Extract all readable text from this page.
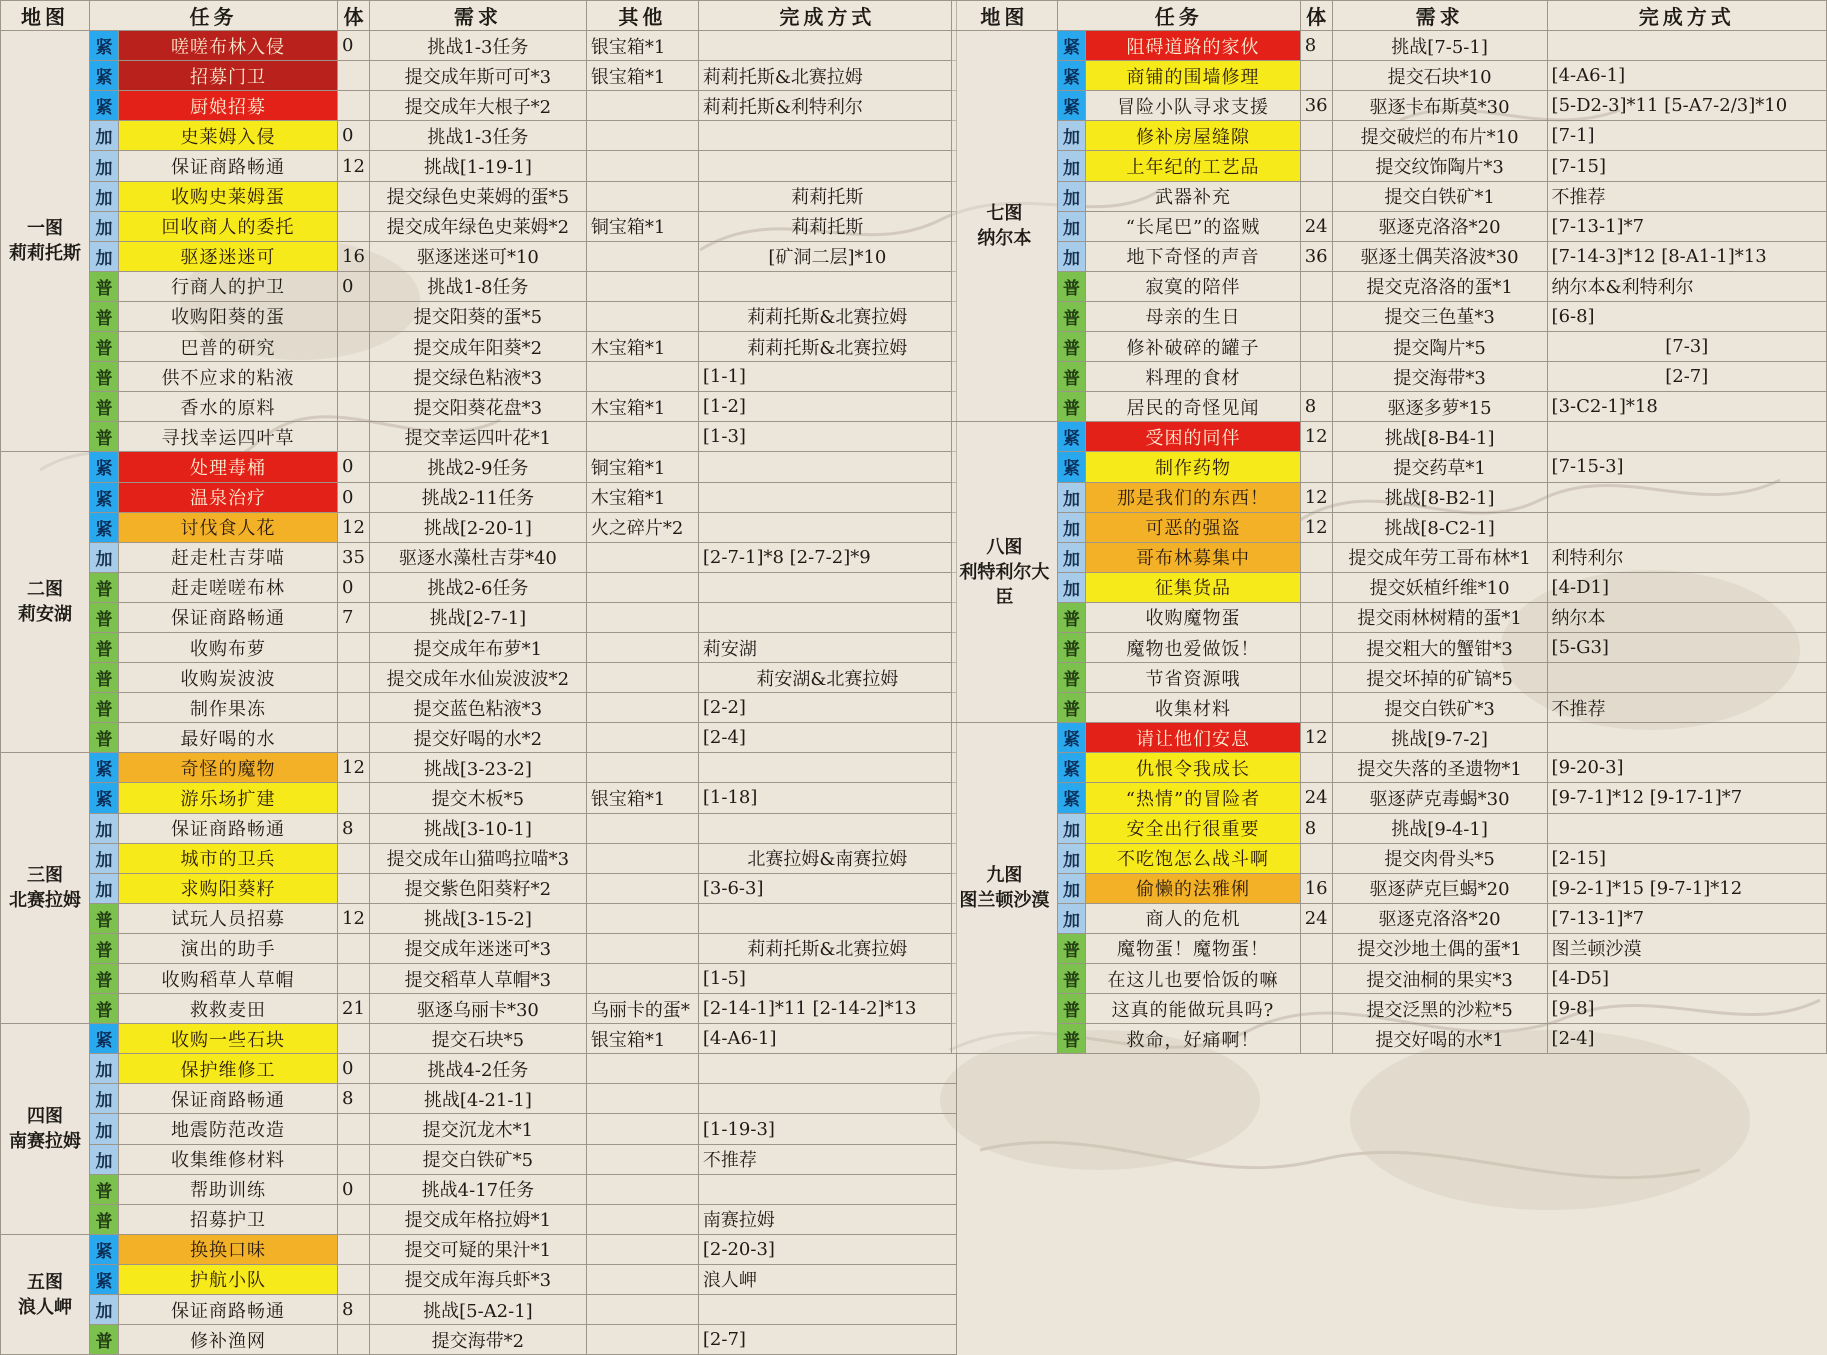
地图	任务		体	需求	其他	完成方式

一图
莉莉托斯	紧	嗟嗟布林入侵	0	挑战1-3任务	银宝箱*1	
	紧	招募门卫		提交成年斯可可*3	银宝箱*1	莉莉托斯&北赛拉姆
	紧	厨娘招募		提交成年大根子*2		莉莉托斯&利特利尔
	加	史莱姆入侵	0	挑战1-3任务		
	加	保证商路畅通	12	挑战[1-19-1]		
	加	收购史莱姆蛋		提交绿色史莱姆的蛋*5		莉莉托斯
	加	回收商人的委托		提交成年绿色史莱姆*2	铜宝箱*1	莉莉托斯
	加	驱逐迷迷可	16	驱逐迷迷可*10		[矿洞二层]*10
	普	行商人的护卫	0	挑战1-8任务		
	普	收购阳葵的蛋		提交阳葵的蛋*5		莉莉托斯&北赛拉姆
	普	巴普的研究		提交成年阳葵*2	木宝箱*1	莉莉托斯&北赛拉姆
	普	供不应求的粘液		提交绿色粘液*3		[1-1]
	普	香水的原料		提交阳葵花盘*3	木宝箱*1	[1-2]
	普	寻找幸运四叶草		提交幸运四叶花*1		[1-3]

二图
莉安湖	紧	处理毒桶	0	挑战2-9任务	铜宝箱*1	
	紧	温泉治疗	0	挑战2-11任务	木宝箱*1	
	紧	讨伐食人花	12	挑战[2-20-1]	火之碎片*2	
	加	赶走杜吉芽喵	35	驱逐水藻杜吉芽*40		[2-7-1]*8 [2-7-2]*9
	普	赶走嗟嗟布林	0	挑战2-6任务		
	普	保证商路畅通	7	挑战[2-7-1]		
	普	收购布萝		提交成年布萝*1		莉安湖
	普	收购炭波波		提交成年水仙炭波波*2		莉安湖&北赛拉姆
	普	制作果冻		提交蓝色粘液*3		[2-2]
	普	最好喝的水		提交好喝的水*2		[2-4]

三图
北赛拉姆	紧	奇怪的魔物	12	挑战[3-23-2]		
	紧	游乐场扩建		提交木板*5	银宝箱*1	[1-18]
	加	保证商路畅通	8	挑战[3-10-1]		
	加	城市的卫兵		提交成年山猫鸣拉喵*3		北赛拉姆&南赛拉姆
	加	求购阳葵籽		提交紫色阳葵籽*2		[3-6-3]
	普	试玩人员招募	12	挑战[3-15-2]		
	普	演出的助手		提交成年迷迷可*3		莉莉托斯&北赛拉姆
	普	收购稻草人草帽		提交稻草人草帽*3		[1-5]
	普	救救麦田	21	驱逐乌丽卡*30	乌丽卡的蛋*	[2-14-1]*11 [2-14-2]*13

四图
南赛拉姆	紧	收购一些石块		提交石块*5	银宝箱*1	[4-A6-1]
	加	保护维修工	0	挑战4-2任务		
	加	保证商路畅通	8	挑战[4-21-1]		
	加	地震防范改造		提交沉龙木*1		[1-19-3]
	加	收集维修材料		提交白铁矿*5		不推荐
	普	帮助训练	0	挑战4-17任务		
	普	招募护卫		提交成年格拉姆*1		南赛拉姆

五图
浪人岬	紧	换换口味		提交可疑的果汁*1		[2-20-3]
	紧	护航小队		提交成年海兵虾*3		浪人岬
	加	保证商路畅通	8	挑战[5-A2-1]		
	普	修补渔网		提交海带*2		[2-7]
地图	任务		体	需求	完成方式

七图
纳尔本	紧	阻碍道路的家伙	8	挑战[7-5-1]	
	紧	商铺的围墙修理		提交石块*10	[4-A6-1]
	紧	冒险小队寻求支援	36	驱逐卡布斯莫*30	[5-D2-3]*11 [5-A7-2/3]*10
	加	修补房屋缝隙		提交破烂的布片*10	[7-1]
	加	上年纪的工艺品		提交纹饰陶片*3	[7-15]
	加	武器补充		提交白铁矿*1	不推荐
	加	“长尾巴”的盗贼	24	驱逐克洛洛*20	[7-13-1]*7
	加	地下奇怪的声音	36	驱逐土偶芙洛波*30	[7-14-3]*12 [8-A1-1]*13
	普	寂寞的陪伴		提交克洛洛的蛋*1	纳尔本&利特利尔
	普	母亲的生日		提交三色堇*3	[6-8]
	普	修补破碎的罐子		提交陶片*5	[7-3]
	普	料理的食材		提交海带*3	[2-7]
	普	居民的奇怪见闻	8	驱逐多萝*15	[3-C2-1]*18

八图
利特利尔大臣	紧	受困的同伴	12	挑战[8-B4-1]	
	紧	制作药物		提交药草*1	[7-15-3]
	加	那是我们的东西！	12	挑战[8-B2-1]	
	加	可恶的强盗	12	挑战[8-C2-1]	
	加	哥布林募集中		提交成年劳工哥布林*1	利特利尔
	加	征集货品		提交妖植纤维*10	[4-D1]
	普	收购魔物蛋		提交雨林树精的蛋*1	纳尔本
	普	魔物也爱做饭！		提交粗大的蟹钳*3	[5-G3]
	普	节省资源哦		提交坏掉的矿镐*5	
	普	收集材料		提交白铁矿*3	不推荐

九图
图兰顿沙漠	紧	请让他们安息	12	挑战[9-7-2]	
	紧	仇恨令我成长		提交失落的圣遗物*1	[9-20-3]
	紧	“热情”的冒险者	24	驱逐萨克毒蝎*30	[9-7-1]*12 [9-17-1]*7
	加	安全出行很重要	8	挑战[9-4-1]	
	加	不吃饱怎么战斗啊		提交肉骨头*5	[2-15]
	加	偷懒的法雅俐	16	驱逐萨克巨蝎*20	[9-2-1]*15 [9-7-1]*12
	加	商人的危机	24	驱逐克洛洛*20	[7-13-1]*7
	普	魔物蛋！魔物蛋！		提交沙地土偶的蛋*1	图兰顿沙漠
	普	在这儿也要恰饭的嘛		提交油桐的果实*3	[4-D5]
	普	这真的能做玩具吗?		提交泛黑的沙粒*5	[9-8]
	普	救命，好痛啊！		提交好喝的水*1	[2-4]
